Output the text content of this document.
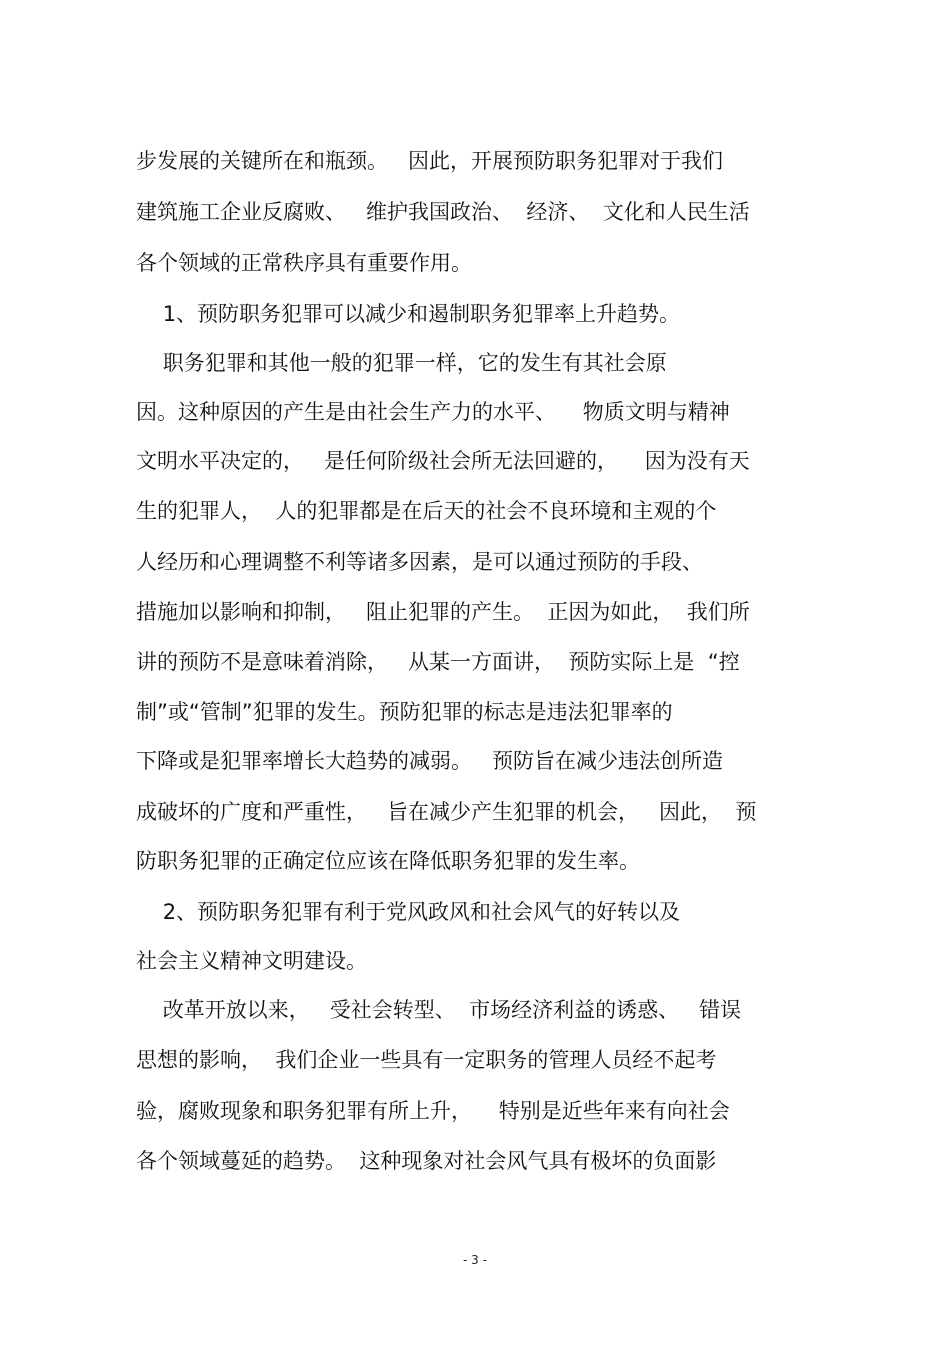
步发展的关键所在和瓶颈。   因此，开展预防职务犯罪对于我们
建筑施工企业反腐败、   维护我国政治、  经济、  文化和人民生活
各个领域的正常秩序具有重要作用。
1、预防职务犯罪可以减少和遏制职务犯罪率上升趋势。
职务犯罪和其他一般的犯罪一样，它的发生有其社会原
因。这种原因的产生是由社会生产力的水平、    物质文明与精神
文明水平决定的，   是任何阶级社会所无法回避的，    因为没有天
生的犯罪人，  人的犯罪都是在后天的社会不良环境和主观的个
人经历和心理调整不利等诸多因素，是可以通过预防的手段、
措施加以影响和抑制，   阻止犯罪的产生。  正因为如此，  我们所
讲的预防不是意味着消除，   从某一方面讲，  预防实际上是  “控
制”或“管制”犯罪的发生。预防犯罪的标志是违法犯罪率的
下降或是犯罪率增长大趋势的减弱。   预防旨在减少违法创所造
成破坏的广度和严重性，   旨在减少产生犯罪的机会，   因此，  预
防职务犯罪的正确定位应该在降低职务犯罪的发生率。
2、预防职务犯罪有利于党风政风和社会风气的好转以及
社会主义精神文明建设。
改革开放以来，   受社会转型、  市场经济利益的诱惑、   错误
思想的影响，  我们企业一些具有一定职务的管理人员经不起考
验，腐败现象和职务犯罪有所上升，    特别是近些年来有向社会
各个领域蔓延的趋势。  这种现象对社会风气具有极坏的负面影
- 3 -
